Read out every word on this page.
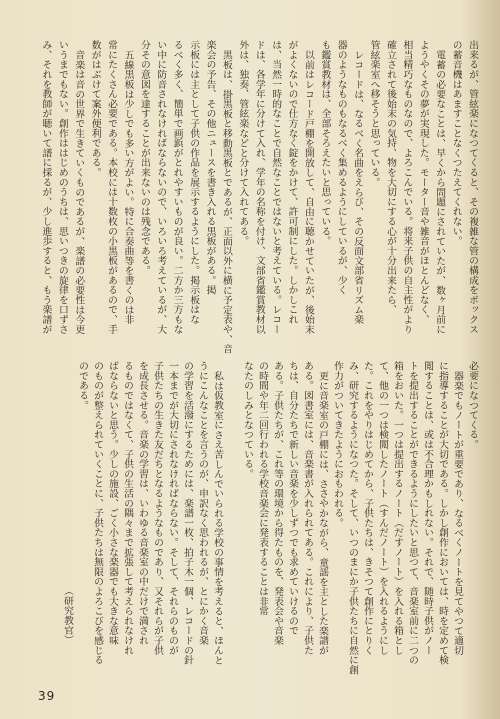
出来るが、管絃楽になつてくると、その複雑な管の構成をボックス
の蓄音機はあますことなくつたえてくれない。
電蓄の必要なことは、早くから問題にされていたが、数ヶ月前に
ようやくその夢が実現した。モーター音や雑音がほとんどなく、
相当精巧なものなので、よろこんでいる。将来子供の自主性がより
確立されて後始末の気持、物を大切にする心が十分出来たら、
管絃楽室へ移そうと思っている。
レコードは、なるべく名曲をえらび、その反面文部省リズム楽
器のようなものもなるべく集めるようにしているが、少く
も鑑賞教材は、全部そろえたいと思っている。
以前はレコード戸棚を開放して、自由に聴かせていたが、後始末
がよくないので仕方なく錠をかけて、許可制にした。しかしこれ
は、当然一時的なことで自然なことではないと考えている。レコー
ドは、各学年に分けて入れ、学年の名称を付け、文部省鑑賞教材以
外は、独奏、管絃楽などと分けて入れてある。
黒板は、掛黒板と移動黒板とであるが、正面以外に横に予定表や、音
楽会の予告、その他ニュースを書き入れる黒板がある。掲
示板には主として子供の作品を展示するようにした。掲示板はな
るべく多く、簡単で画鋲がとれやすいものが良い。二方か三方もな
い中に防音されなければならないので、いろいろ考えているが、大
分その意図を達することが出来ないのは残念である。
五線黒板は少しでも多い方がよい。特に合奏曲等を書くのは非
常にたくさん必要である。本校には十数枚の小黒板があるので、手
数がはぶけて案外便利である。
音楽は音の世界で生きていくものであるが、楽譜の必要性は今更
いうまでもない。創作ははじめのうちは、思いつきの旋律を口ずさ
み、それを教師が聴いて譜に採るが、少し進歩すると、もう楽譜が
必要になつてくる。
器楽でもノートが重要であり、なるべくノートを見てやつて適切
に指導することが大切である。しかし創作においては、時を定めて検
閲することは、或は不合理かもしれない。それで、随時子供がノー
トを提出することができるようにしたいと思つて、音楽室前に二つの
箱をおいた。一つは提出するノート（だすノート）を入れる箱とし
て、他の一つは検閲したノート（すんだノート）を入れるようにし
た。これをやりはじめてから、子供たちは、きそつて創作にとりく
み、研究するようになつた。そして、いつのまにか子供たちに自然に創
作力がついてきたようにおもわれる。
更に音楽室の戸棚には、ささやかながら、童謡を主とした楽譜が
ある。図書室には、音楽書が入れられてある。これにより、子供た
ちは、自分たちで新しい音楽を少しずつでも求めていけるので
ある。子供たちが、これ等の環境から得たものを、発表会や音楽
の時間や年二回行われる学校音楽会に発表することは非常
なたのしみとなつている。
私は仮教室にさえ苦しんでいられる学校の事情を考えると、ほんと
うにこんなことを言うのが、申訳なく思われるが、とにかく音楽
の学習を活潑にするためには、楽譜一枚、拍子木一個、レコードの針
一本までが大切にされなければならない。そして、それらのものが
子供たちの生きた友だちとなるようなものであり、又それらが子供
を成長させる。音楽の学習は、いわゆる音楽室の中だけで満され
るものではなくて、子供の生活の隅々まで拡張して考えられなけれ
ばならないと思う。少しの施設、ごく小さな楽器でも大きな意味
のものが整えられていくことに、子供たちは無限のよろこびを感じる
のである。
（研究教官）
39
